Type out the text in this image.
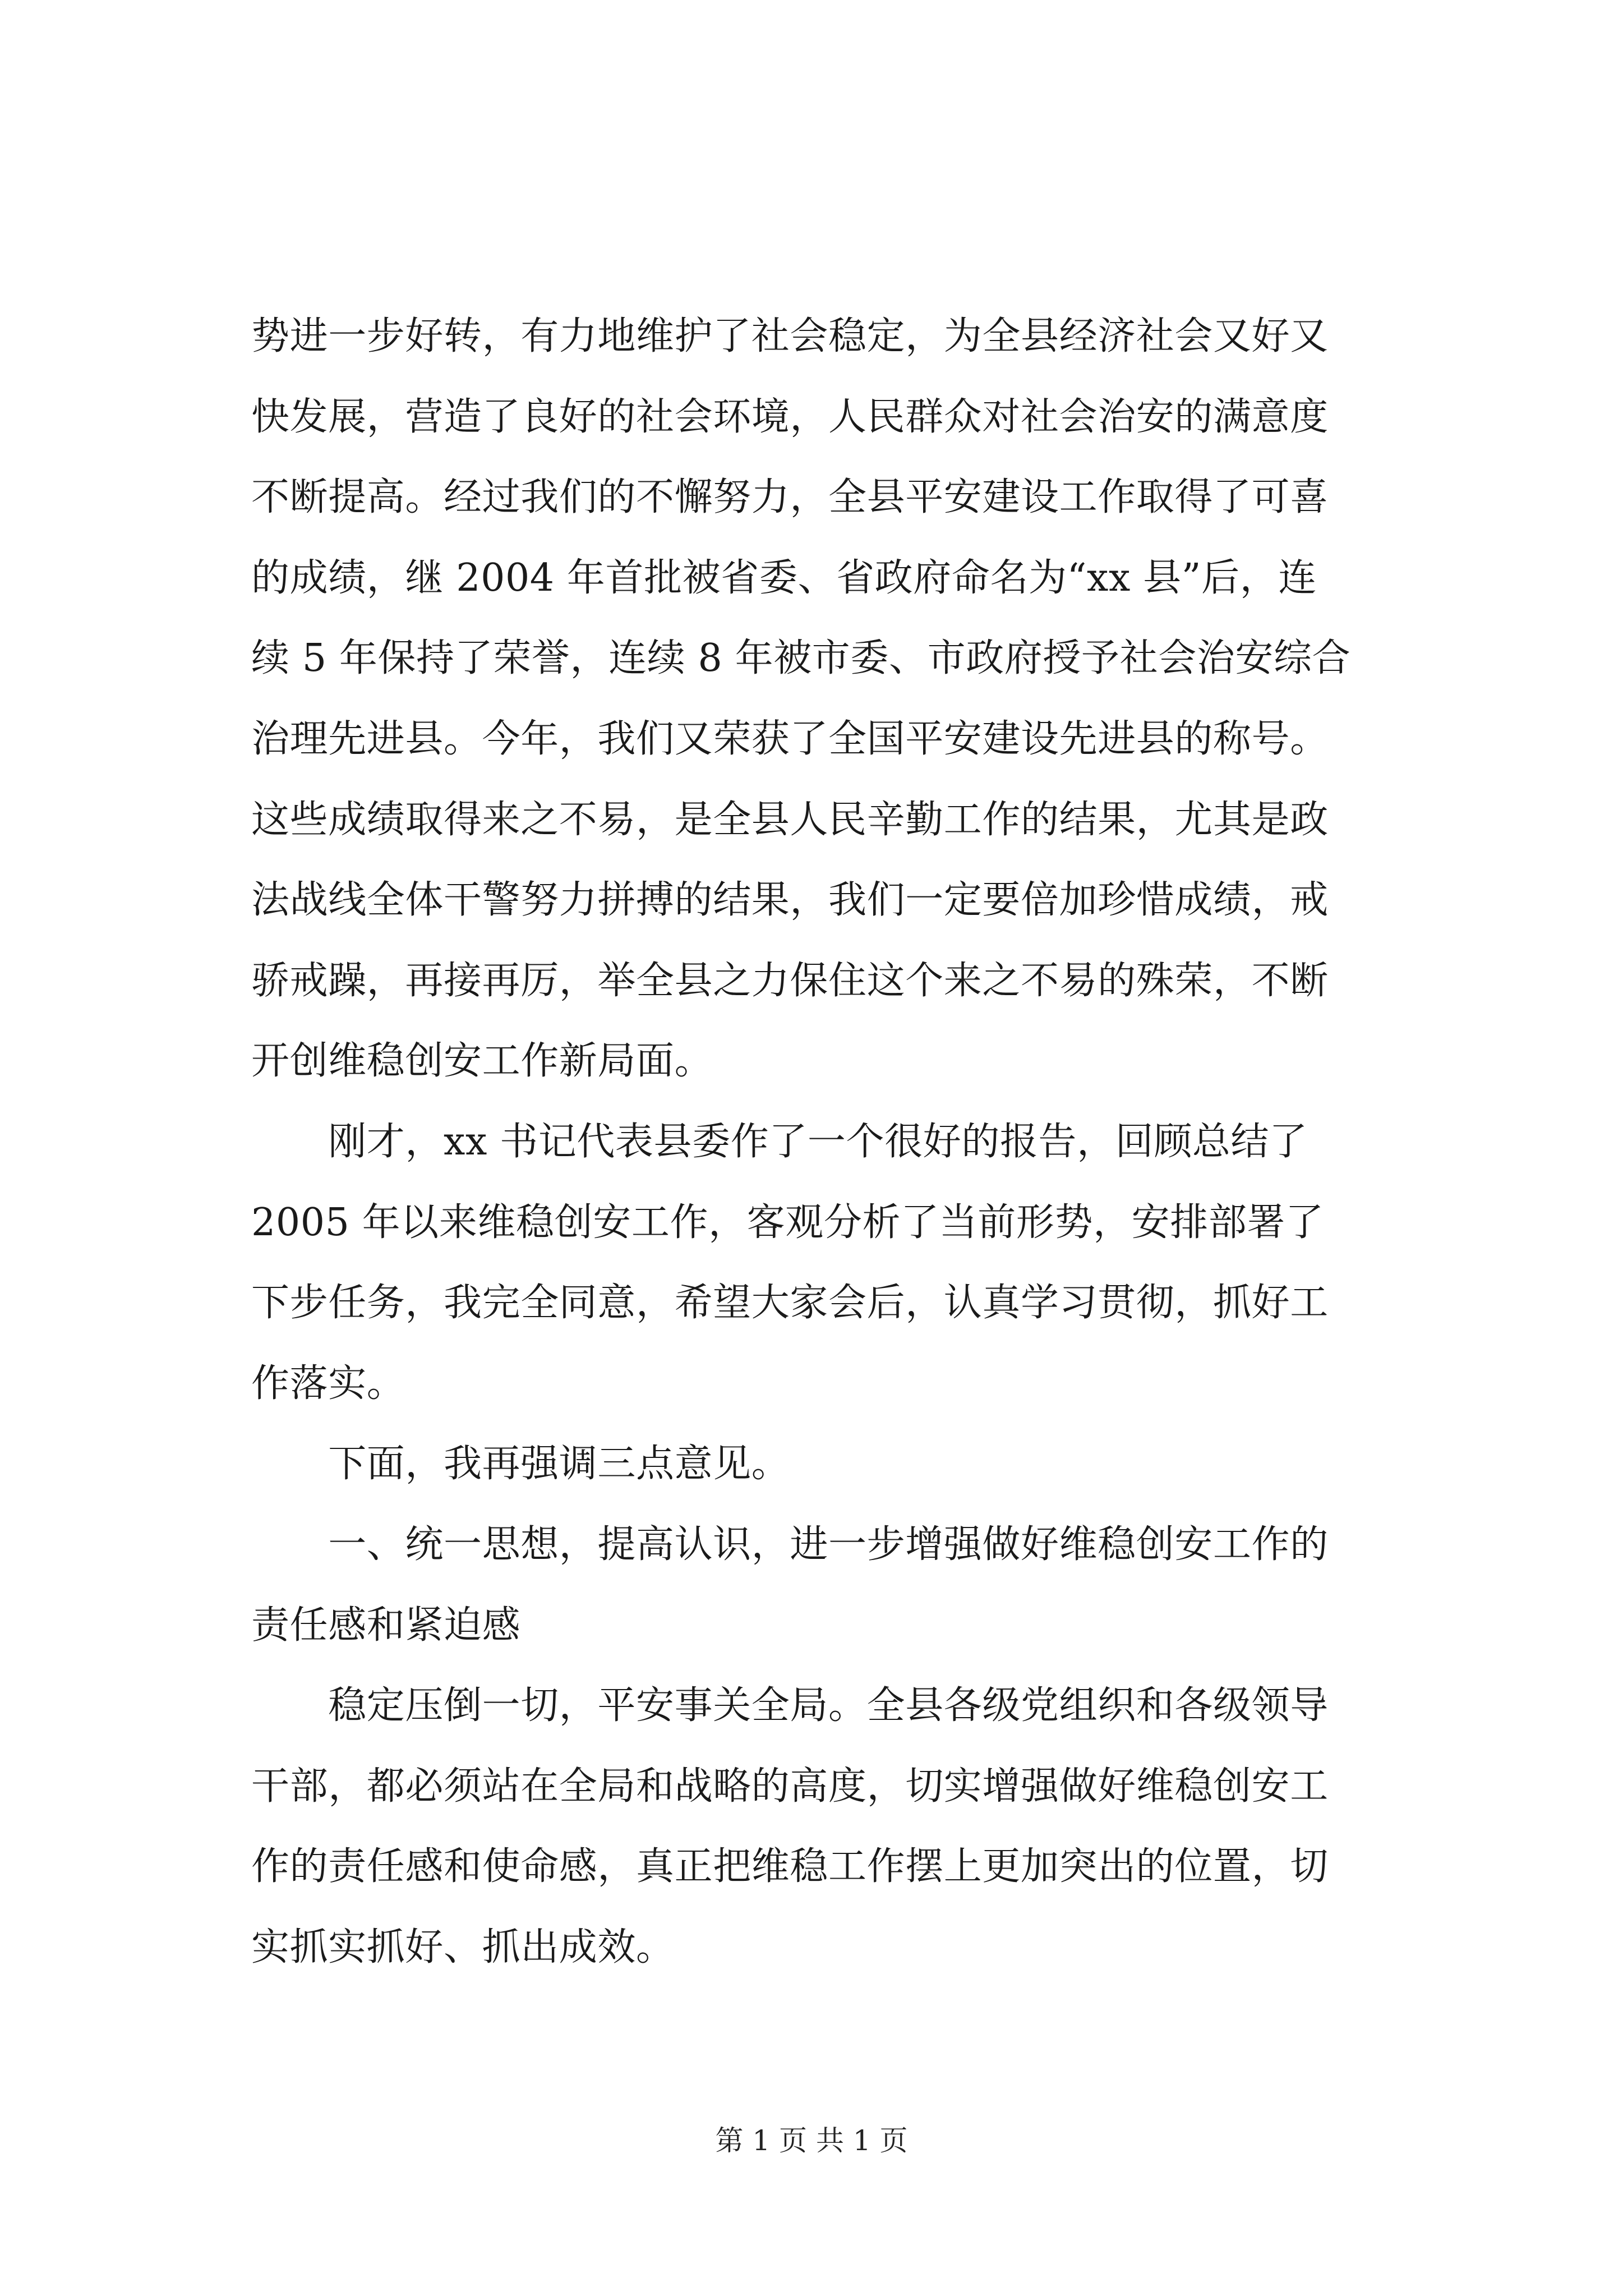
势进一步好转，有力地维护了社会稳定，为全县经济社会又好又
快发展，营造了良好的社会环境，人民群众对社会治安的满意度
不断提高。经过我们的不懈努力，全县平安建设工作取得了可喜
的成绩，继 2004 年首批被省委、省政府命名为“xx 县”后，连
续 5 年保持了荣誉，连续 8 年被市委、市政府授予社会治安综合
治理先进县。今年，我们又荣获了全国平安建设先进县的称号。
这些成绩取得来之不易，是全县人民辛勤工作的结果，尤其是政
法战线全体干警努力拼搏的结果，我们一定要倍加珍惜成绩，戒
骄戒躁，再接再厉，举全县之力保住这个来之不易的殊荣，不断
开创维稳创安工作新局面。
　　刚才，xx 书记代表县委作了一个很好的报告，回顾总结了
2005 年以来维稳创安工作，客观分析了当前形势，安排部署了
下步任务，我完全同意，希望大家会后，认真学习贯彻，抓好工
作落实。
　　下面，我再强调三点意见。
　　一、统一思想，提高认识，进一步增强做好维稳创安工作的
责任感和紧迫感
　　稳定压倒一切，平安事关全局。全县各级党组织和各级领导
干部，都必须站在全局和战略的高度，切实增强做好维稳创安工
作的责任感和使命感，真正把维稳工作摆上更加突出的位置，切
实抓实抓好、抓出成效。
第 1 页 共 1 页
